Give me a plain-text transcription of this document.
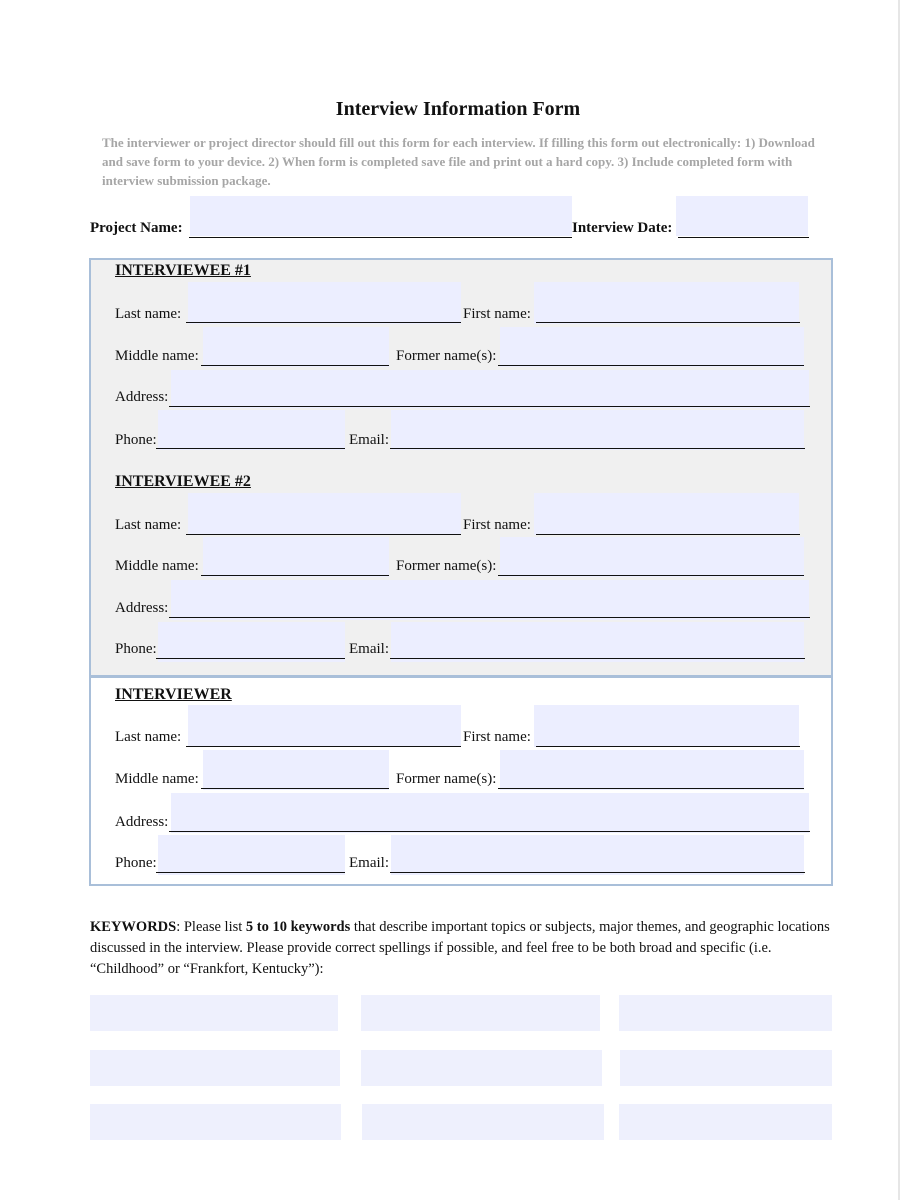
Interview Information Form
The interviewer or project director should fill out this form for each interview. If filling this form out electronically: 1) Download and save form to your device. 2) When form is completed save file and print out a hard copy. 3) Include completed form with interview submission package.
Project Name:	Interview Date:
INTERVIEWEE #1
Last name:	First name:
Middle name:	Former name(s):
Address:
Phone:	Email:
INTERVIEWEE #2
Last name:	First name:
Middle name:	Former name(s):
Address:
Phone:	Email:
INTERVIEWER
Last name:	First name:
Middle name:	Former name(s):
Address:
Phone:	Email:
KEYWORDS: Please list 5 to 10 keywords that describe important topics or subjects, major themes, and geographic locations discussed in the interview. Please provide correct spellings if possible, and feel free to be both broad and specific (i.e. “Childhood” or “Frankfort, Kentucky”):
